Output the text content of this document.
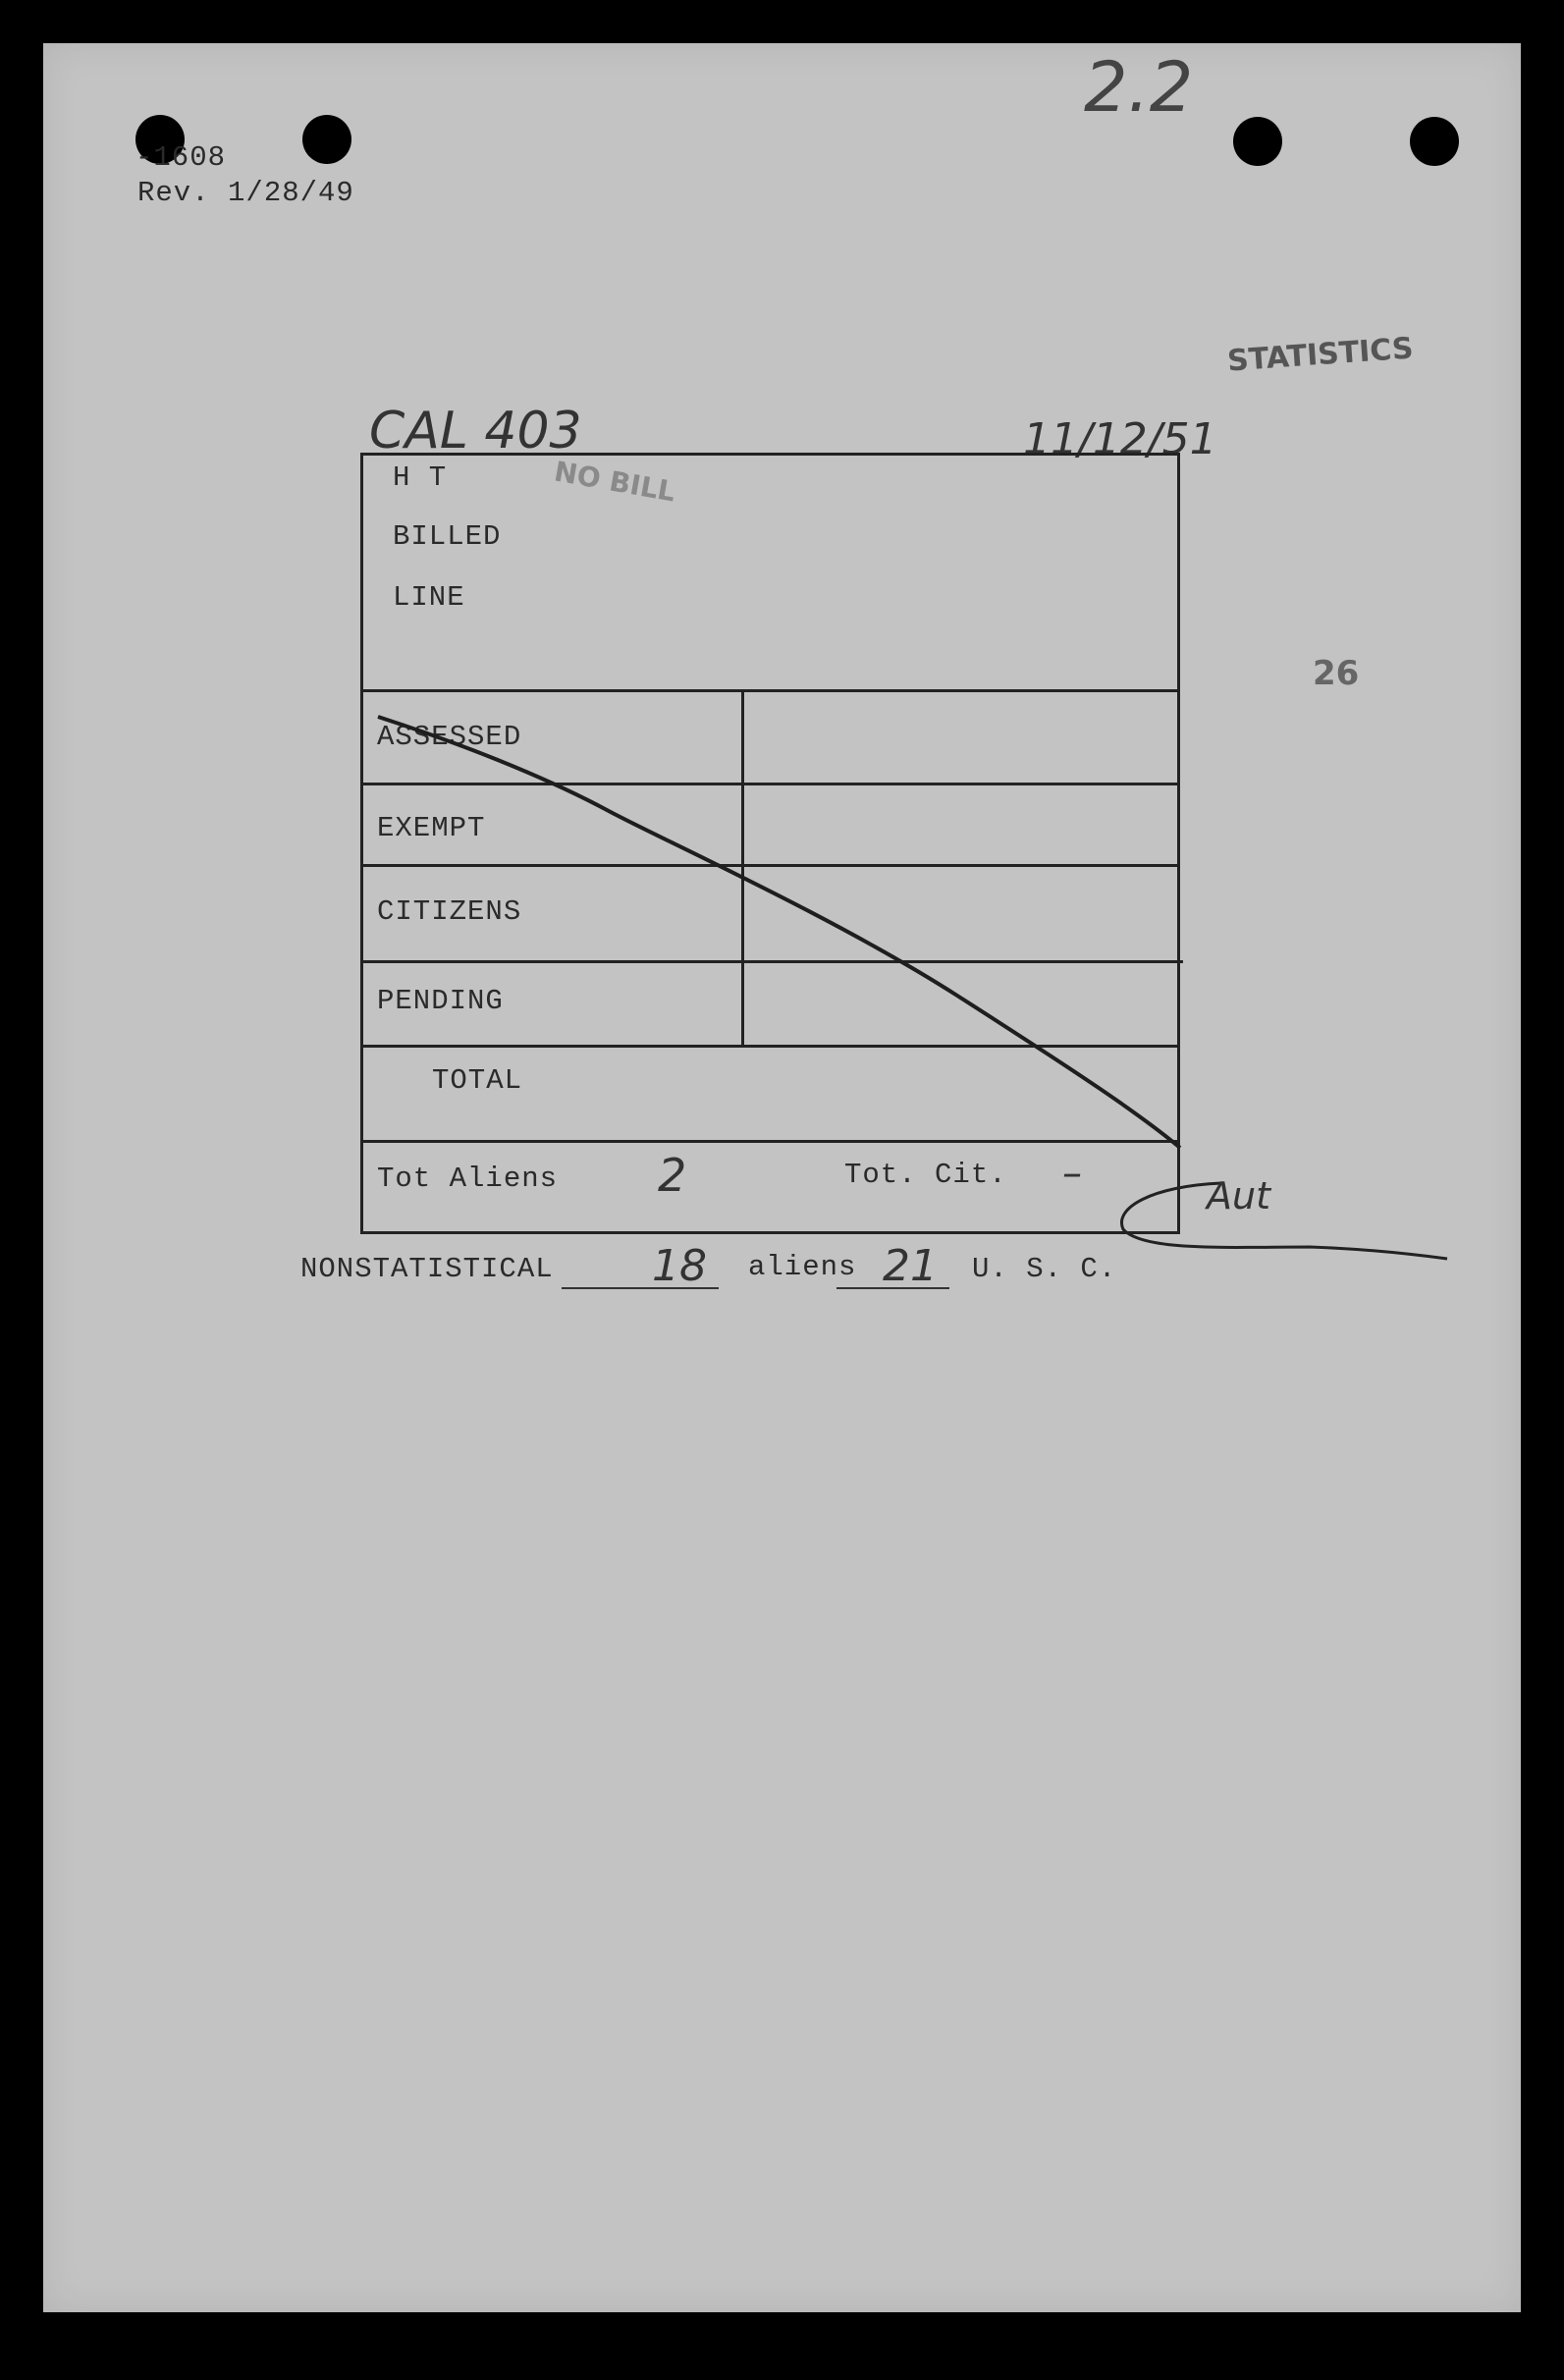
-1608
Rev. 1/28/49
2.2
STATISTICS
26
CAL 403	11/12/51
NO BILL
H T
BILLED
LINE
ASSESSED
EXEMPT
CITIZENS
PENDING
TOTAL
Tot Aliens 2	Tot. Cit. –	Aut
NONSTATISTICAL 18 aliens 21 U. S. C.
